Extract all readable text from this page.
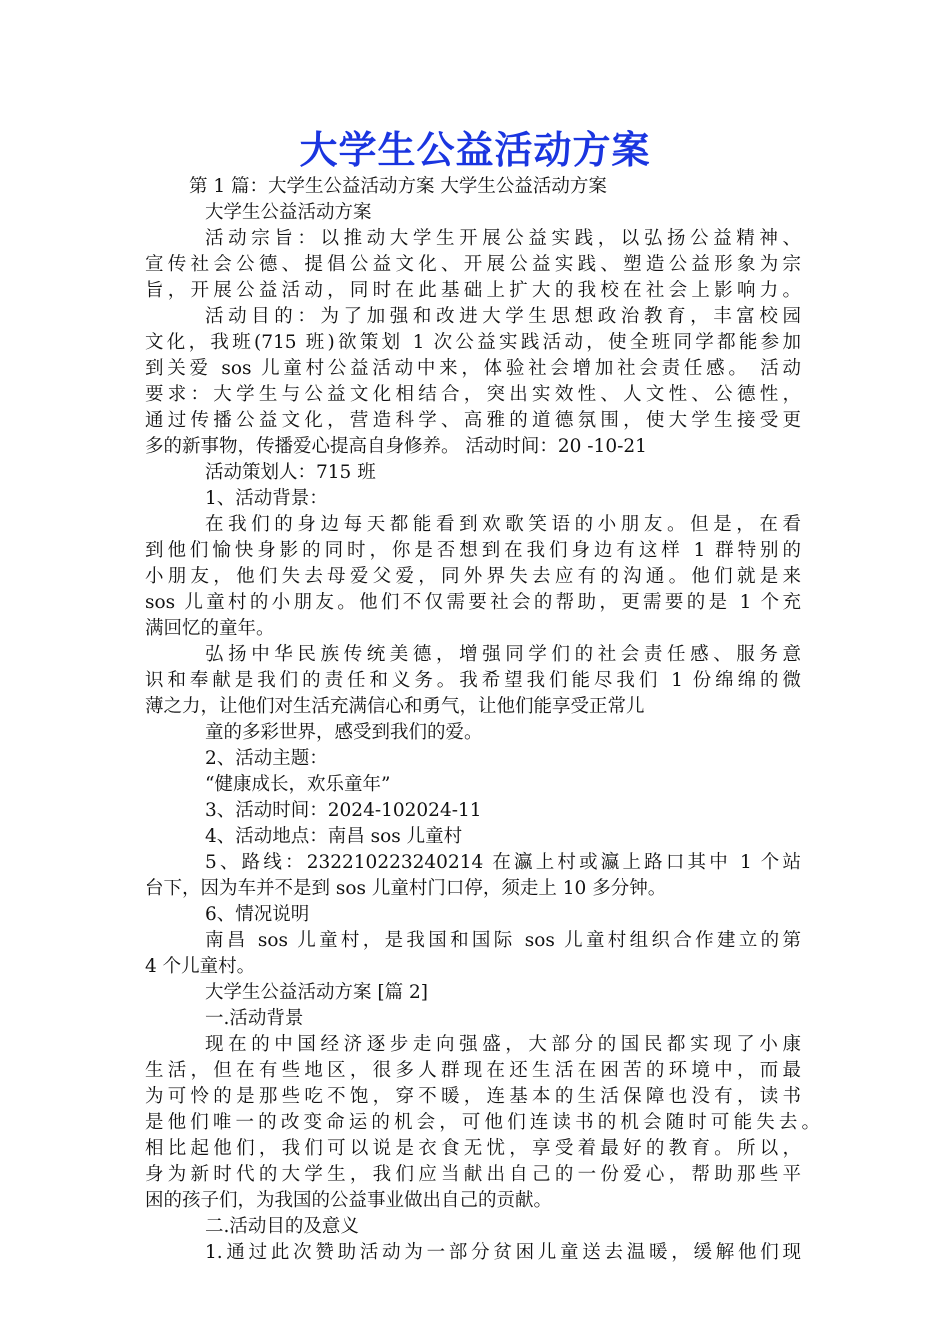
大学生公益活动方案
第 1 篇：大学生公益活动方案 大学生公益活动方案
大学生公益活动方案
活动宗旨：以推动大学生开展公益实践，以弘扬公益精神、
宣传社会公德、提倡公益文化、开展公益实践、塑造公益形象为宗
旨，开展公益活动，同时在此基础上扩大的我校在社会上影响力。
活动目的：为了加强和改进大学生思想政治教育，丰富校园
文化，我班(715 班)欲策划 1 次公益实践活动，使全班同学都能参加
到关爱 sos 儿童村公益活动中来，体验社会增加社会责任感。 活动
要求：大学生与公益文化相结合，突出实效性、人文性、公德性，
通过传播公益文化，营造科学、高雅的道德氛围，使大学生接受更
多的新事物，传播爱心提高自身修养。 活动时间：20 -10-21
活动策划人：715 班
1、活动背景：
在我们的身边每天都能看到欢歌笑语的小朋友。但是，在看
到他们愉快身影的同时，你是否想到在我们身边有这样 1 群特别的
小朋友，他们失去母爱父爱，同外界失去应有的沟通。他们就是来
sos 儿童村的小朋友。他们不仅需要社会的帮助，更需要的是 1 个充
满回忆的童年。
弘扬中华民族传统美德，增强同学们的社会责任感、服务意
识和奉献是我们的责任和义务。我希望我们能尽我们 1 份绵绵的微
薄之力，让他们对生活充满信心和勇气，让他们能享受正常儿
童的多彩世界，感受到我们的爱。
2、活动主题：
“健康成长，欢乐童年”
3、活动时间：2024-102024-11
4、活动地点：南昌 sos 儿童村
5、路线：232210223240214 在瀛上村或瀛上路口其中 1 个站
台下，因为车并不是到 sos 儿童村门口停，须走上 10 多分钟。
6、情况说明
南昌 sos 儿童村，是我国和国际 sos 儿童村组织合作建立的第
4 个儿童村。
大学生公益活动方案 [篇 2]
一.活动背景
现在的中国经济逐步走向强盛，大部分的国民都实现了小康
生活，但在有些地区，很多人群现在还生活在困苦的环境中，而最
为可怜的是那些吃不饱，穿不暖，连基本的生活保障也没有，读书
是他们唯一的改变命运的机会，可他们连读书的机会随时可能失去。
相比起他们，我们可以说是衣食无忧，享受着最好的教育。所以，
身为新时代的大学生，我们应当献出自己的一份爱心，帮助那些平
困的孩子们，为我国的公益事业做出自己的贡献。
二.活动目的及意义
1.通过此次赞助活动为一部分贫困儿童送去温暖，缓解他们现
